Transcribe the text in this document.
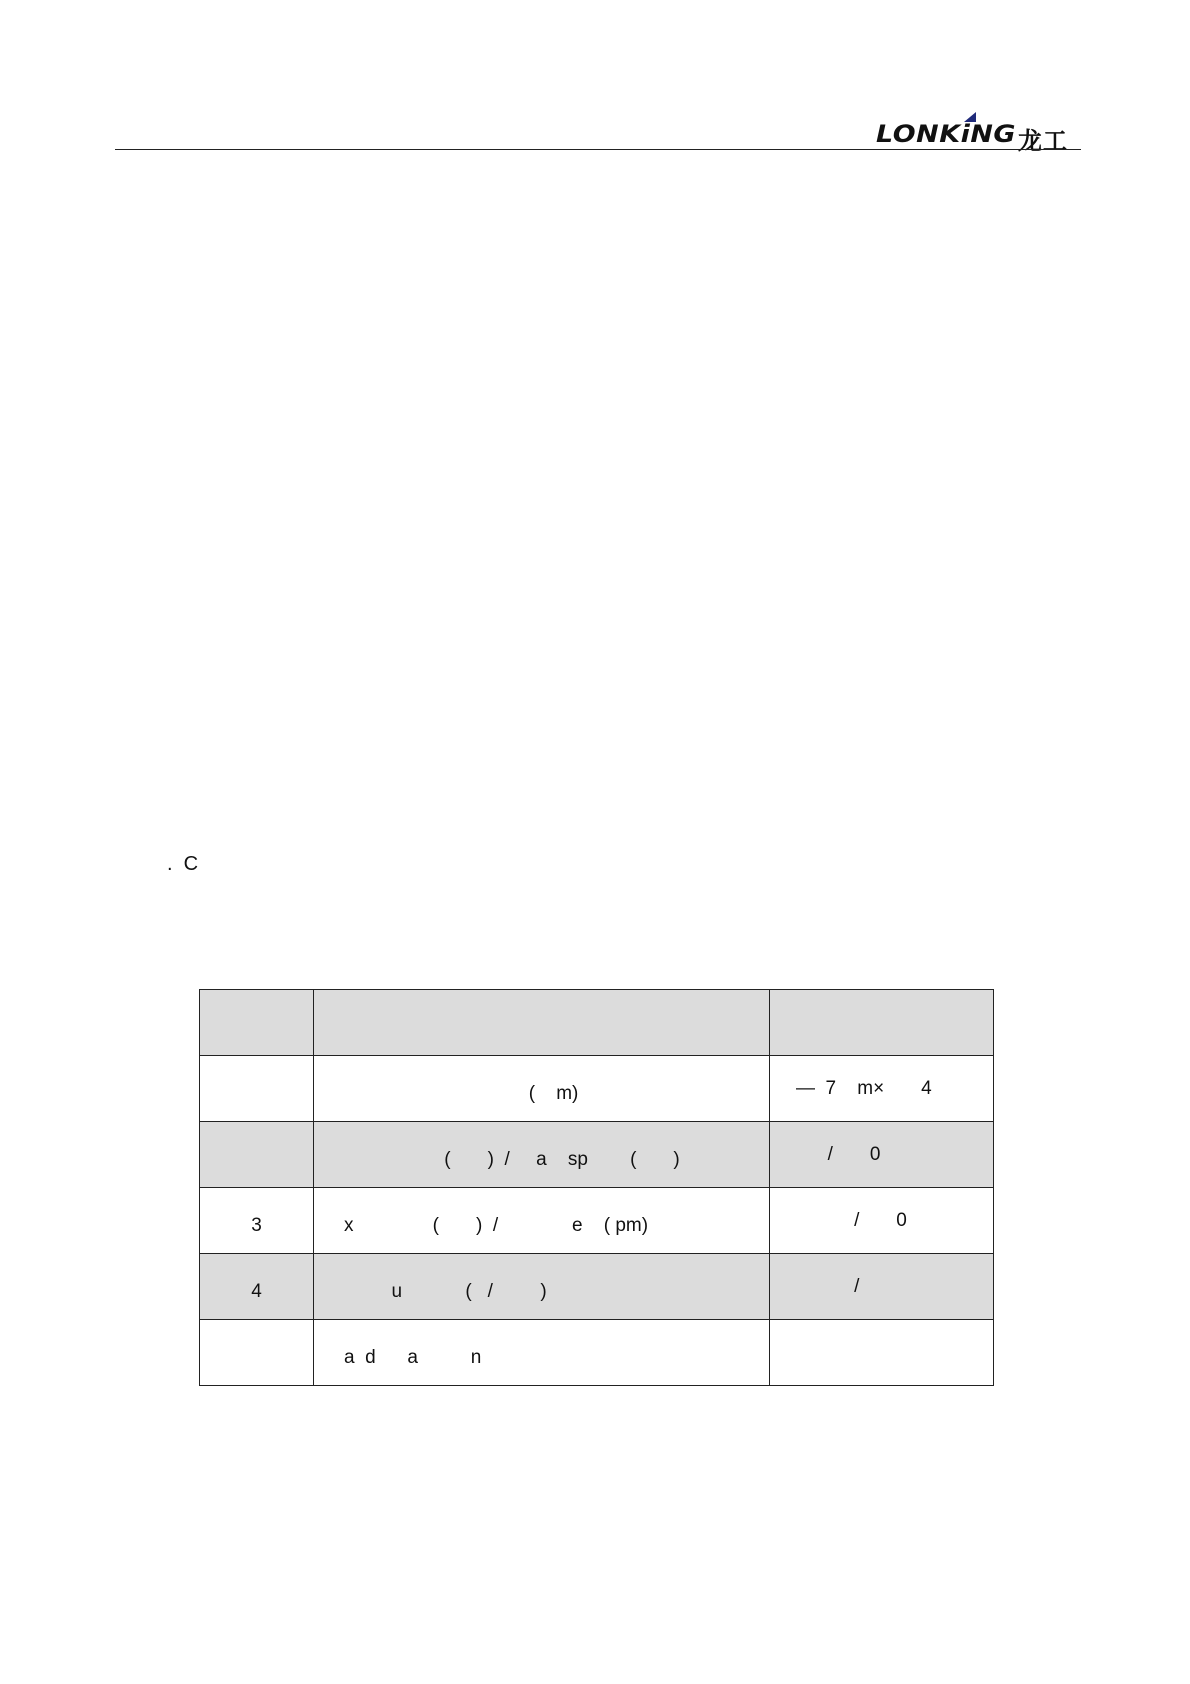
LONKiNG 龙工
.  C

	(    m)	—  7    m×       4

	(       )  /     a    sp        (       )	/       0

3	x               (       )  /              e    ( pm)	/       0

4	u            (   /         )	/

	a  d      a          n	
